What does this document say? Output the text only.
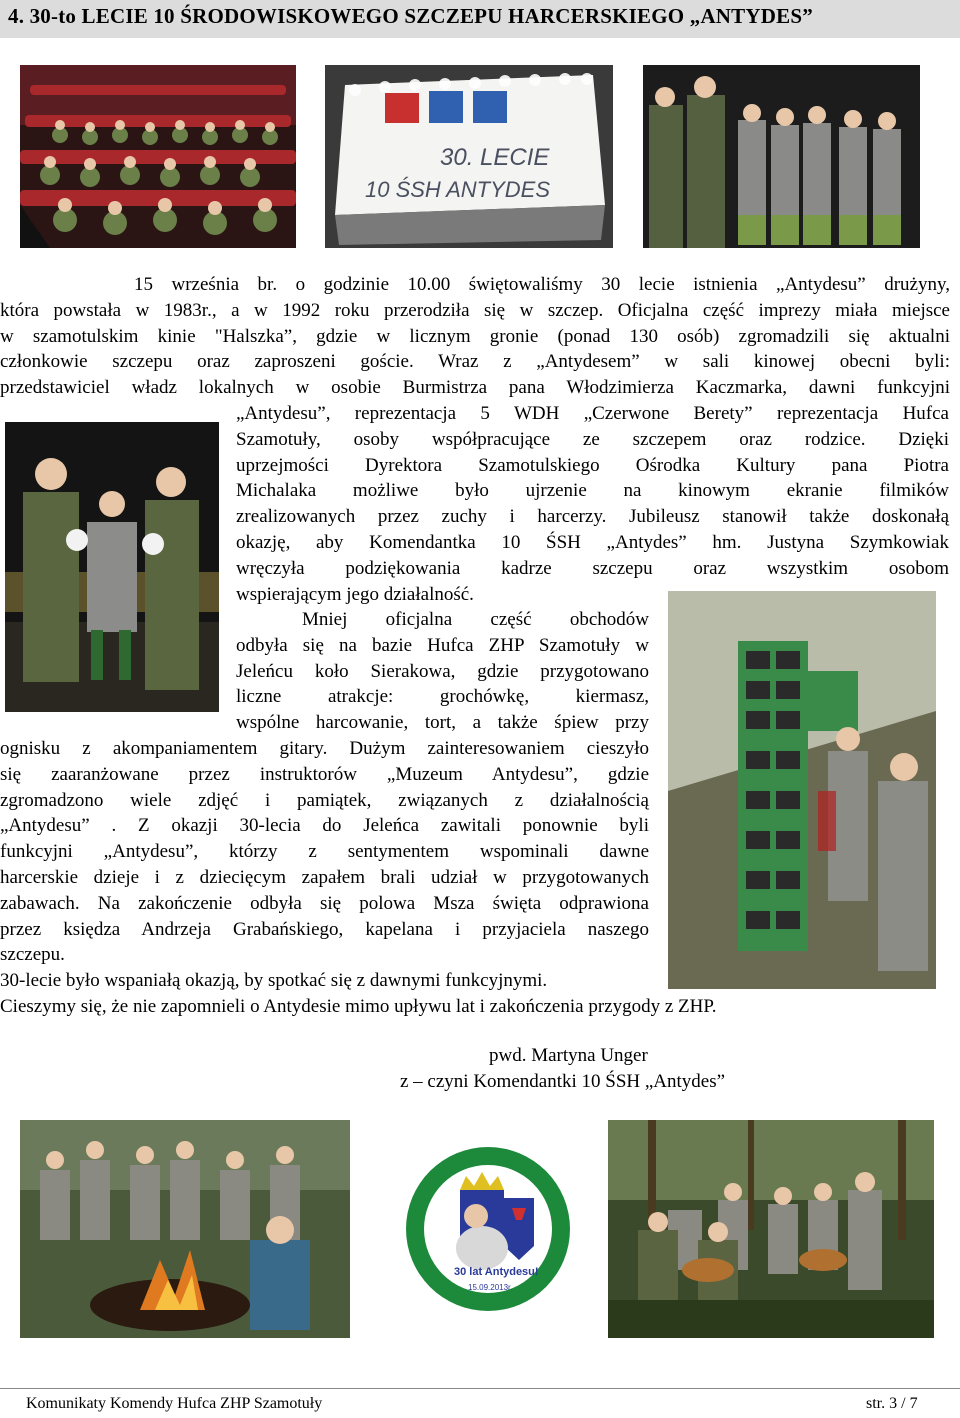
4. 30-to LECIE 10 ŚRODOWISKOWEGO SZCZEPU HARCERSKIEGO „ANTYDES”
30. LECIE
10 ŚSH ANTYDES
15 września br. o godzinie 10.00 świętowaliśmy 30 lecie istnienia „Antydesu” drużyny,
która powstała w 1983r., a w 1992 roku przerodziła się w szczep. Oficjalna część imprezy miała miejsce
w szamotulskim kinie "Halszka”, gdzie w licznym gronie (ponad 130 osób) zgromadzili się aktualni
członkowie szczepu oraz zaproszeni goście. Wraz z „Antydesem” w sali kinowej obecni byli:
przedstawiciel władz lokalnych w osobie Burmistrza pana Włodzimierza Kaczmarka, dawni funkcyjni
„Antydesu”, reprezentacja 5 WDH „Czerwone Berety” reprezentacja Hufca
Szamotuły, osoby współpracujące ze szczepem oraz rodzice. Dzięki
uprzejmości Dyrektora Szamotulskiego Ośrodka Kultury pana Piotra
Michalaka możliwe było ujrzenie na kinowym ekranie filmików
zrealizowanych przez zuchy i harcerzy. Jubileusz stanowił także doskonałą
okazję, aby Komendantka 10 ŚSH „Antydes” hm. Justyna Szymkowiak
wręczyła podziękowania kadrze szczepu oraz wszystkim osobom
wspierającym jego działalność.
Mniej oficjalna część obchodów
odbyła się na bazie Hufca ZHP Szamotuły w
Jeleńcu koło Sierakowa, gdzie przygotowano
liczne atrakcje: grochówkę, kiermasz,
wspólne harcowanie, tort, a także śpiew przy
ognisku z akompaniamentem gitary. Dużym zainteresowaniem cieszyło
się zaaranżowane przez instruktorów „Muzeum Antydesu”, gdzie
zgromadzono wiele zdjęć i pamiątek, związanych z działalnością
„Antydesu” . Z okazji 30-lecia do Jeleńca zawitali ponownie byli
funkcyjni „Antydesu”, którzy z sentymentem wspominali dawne
harcerskie dzieje i z dziecięcym zapałem brali udział w przygotowanych
zabawach. Na zakończenie odbyła się polowa Msza święta odprawiona
przez księdza Andrzeja Grabańskiego, kapelana i przyjaciela naszego
szczepu.
30-lecie było wspaniałą okazją, by spotkać się z dawnymi funkcyjnymi.
Cieszymy się, że nie zapomnieli o Antydesie mimo upływu lat i zakończenia przygody z ZHP.
pwd. Martyna Unger
z – czyni Komendantki 10 ŚSH „Antydes”
30 lat Antydesu!
15.09.2013r.
Komunikaty Komendy Hufca ZHP Szamotuły	str. 3 / 7
